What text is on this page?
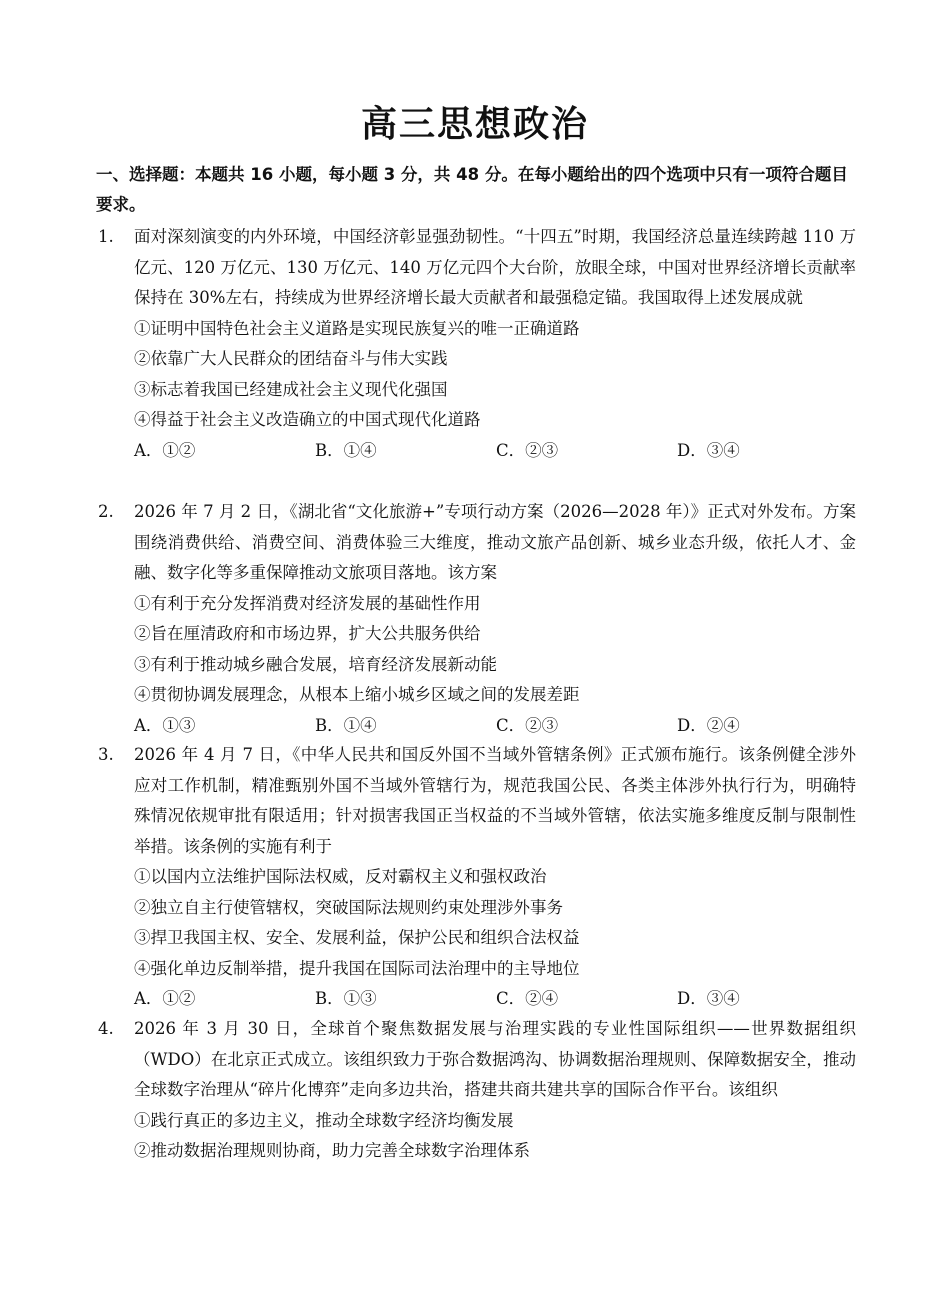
高三思想政治
一、选择题：本题共 16 小题，每小题 3 分，共 48 分。在每小题给出的四个选项中只有一项符合题目要求。
1.	面对深刻演变的内外环境，中国经济彰显强劲韧性。“十四五”时期，我国经济总量连续跨越 110 万亿元、120 万亿元、130 万亿元、140 万亿元四个大台阶，放眼全球，中国对世界经济增长贡献率保持在 30%左右，持续成为世界经济增长最大贡献者和最强稳定锚。我国取得上述发展成就
①证明中国特色社会主义道路是实现民族复兴的唯一正确道路
②依靠广大人民群众的团结奋斗与伟大实践
③标志着我国已经建成社会主义现代化强国
④得益于社会主义改造确立的中国式现代化道路
A．①②	B．①④	C．②③	D．③④
2.	2026 年 7 月 2 日，《湖北省“文化旅游+”专项行动方案（2026—2028 年）》正式对外发布。方案围绕消费供给、消费空间、消费体验三大维度，推动文旅产品创新、城乡业态升级，依托人才、金融、数字化等多重保障推动文旅项目落地。该方案
①有利于充分发挥消费对经济发展的基础性作用
②旨在厘清政府和市场边界，扩大公共服务供给
③有利于推动城乡融合发展，培育经济发展新动能
④贯彻协调发展理念，从根本上缩小城乡区域之间的发展差距
A．①③	B．①④	C．②③	D．②④
3.	2026 年 4 月 7 日，《中华人民共和国反外国不当域外管辖条例》正式颁布施行。该条例健全涉外应对工作机制，精准甄别外国不当域外管辖行为，规范我国公民、各类主体涉外执行行为，明确特殊情况依规审批有限适用；针对损害我国正当权益的不当域外管辖，依法实施多维度反制与限制性举措。该条例的实施有利于
①以国内立法维护国际法权威，反对霸权主义和强权政治
②独立自主行使管辖权，突破国际法规则约束处理涉外事务
③捍卫我国主权、安全、发展利益，保护公民和组织合法权益
④强化单边反制举措，提升我国在国际司法治理中的主导地位
A．①②	B．①③	C．②④	D．③④
4.	2026 年 3 月 30 日，全球首个聚焦数据发展与治理实践的专业性国际组织——世界数据组织（WDO）在北京正式成立。该组织致力于弥合数据鸿沟、协调数据治理规则、保障数据安全，推动全球数字治理从“碎片化博弈”走向多边共治，搭建共商共建共享的国际合作平台。该组织
①践行真正的多边主义，推动全球数字经济均衡发展
②推动数据治理规则协商，助力完善全球数字治理体系
